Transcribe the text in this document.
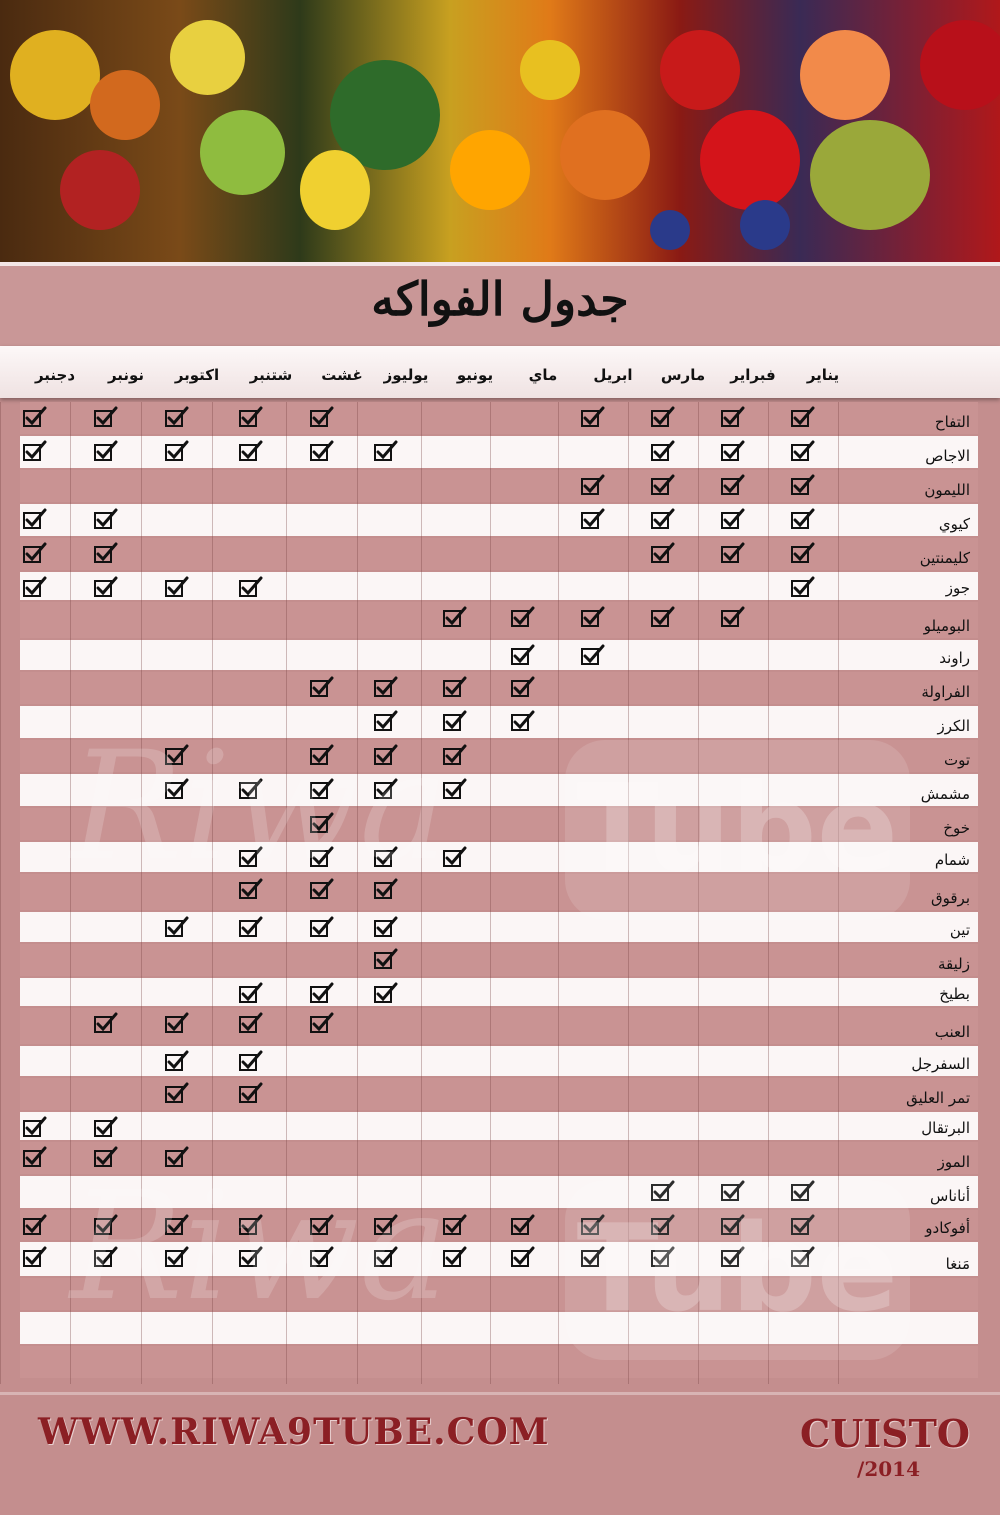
جدول الفواكه
يناير
فبراير
مارس
ابريل
ماي
يونيو
يوليوز
غشت
شتنبر
اكتوبر
نونبر
دجنبر
التفاح
الاجاص
الليمون
كيوي
كليمنتين
جوز
البوميلو
راوند
الفراولة
الكرز
توت
مشمش
خوخ
شمام
برقوق
تين
زليقة
بطيخ
العنب
السفرجل
تمر العليق
البرتقال
الموز
أناناس
أفوكادو
مَنغا
WWW.RIWA9TUBE.COM	CUISTO
/2014
Riwa Tube
Tube
